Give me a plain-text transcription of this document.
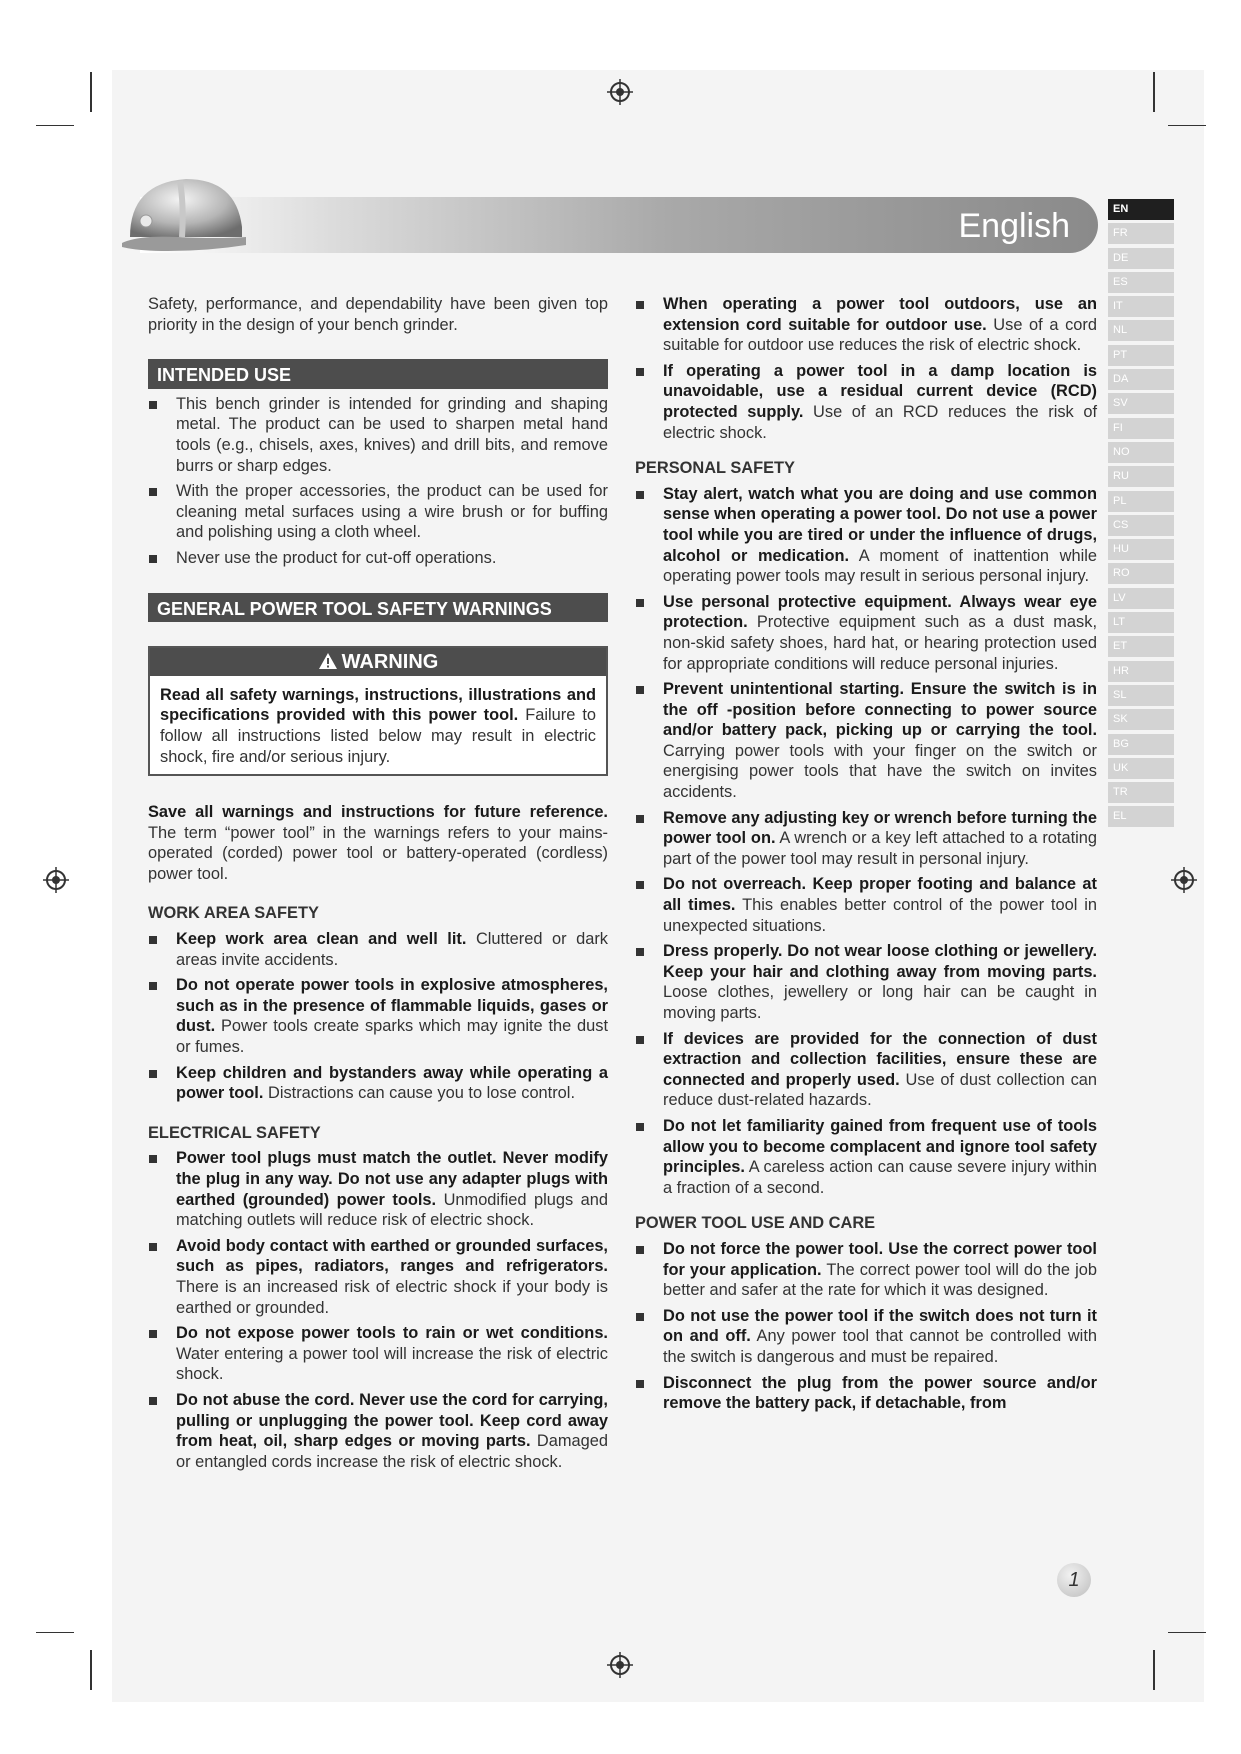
English	EN
FR
DE
ES
IT
NL
PT
DA
SV
FI
NO
RU
PL
CS
HU
RO
LV
LT
ET
HR
SL
SK
BG
UK
TR
EL

Safety, performance, and dependability have been given top priority in the design of your bench grinder.

INTENDED USE
This bench grinder is intended for grinding and shaping metal. The product can be used to sharpen metal hand tools (e.g., chisels, axes, knives) and drill bits, and remove burrs or sharp edges.
With the proper accessories, the product can be used for cleaning metal surfaces using a wire brush or for buffing and polishing using a cloth wheel.
Never use the product for cut-off operations.
GENERAL POWER TOOL SAFETY WARNINGS
WARNING
Read all safety warnings, instructions, illustrations and specifications provided with this power tool. Failure to follow all instructions listed below may result in electric shock, fire and/or serious injury.

Save all warnings and instructions for future reference. The term “power tool” in the warnings refers to your mains-operated (corded) power tool or battery-operated (cordless) power tool.

WORK AREA SAFETY
Keep work area clean and well lit. Cluttered or dark areas invite accidents.
Do not operate power tools in explosive atmospheres, such as in the presence of flammable liquids, gases or dust. Power tools create sparks which may ignite the dust or fumes.
Keep children and bystanders away while operating a power tool. Distractions can cause you to lose control.
ELECTRICAL SAFETY
Power tool plugs must match the outlet. Never modify the plug in any way. Do not use any adapter plugs with earthed (grounded) power tools. Unmodified plugs and matching outlets will reduce risk of electric shock.
Avoid body contact with earthed or grounded surfaces, such as pipes, radiators, ranges and refrigerators. There is an increased risk of electric shock if your body is earthed or grounded.
Do not expose power tools to rain or wet conditions. Water entering a power tool will increase the risk of electric shock.
Do not abuse the cord. Never use the cord for carrying, pulling or unplugging the power tool. Keep cord away from heat, oil, sharp edges or moving parts. Damaged or entangled cords increase the risk of electric shock.
When operating a power tool outdoors, use an extension cord suitable for outdoor use. Use of a cord suitable for outdoor use reduces the risk of electric shock.
If operating a power tool in a damp location is unavoidable, use a residual current device (RCD) protected supply. Use of an RCD reduces the risk of electric shock.
PERSONAL SAFETY
Stay alert, watch what you are doing and use common sense when operating a power tool. Do not use a power tool while you are tired or under the influence of drugs, alcohol or medication. A moment of inattention while operating power tools may result in serious personal injury.
Use personal protective equipment. Always wear eye protection. Protective equipment such as a dust mask, non-skid safety shoes, hard hat, or hearing protection used for appropriate conditions will reduce personal injuries.
Prevent unintentional starting. Ensure the switch is in the off -position before connecting to power source and/or battery pack, picking up or carrying the tool. Carrying power tools with your finger on the switch or energising power tools that have the switch on invites accidents.
Remove any adjusting key or wrench before turning the power tool on. A wrench or a key left attached to a rotating part of the power tool may result in personal injury.
Do not overreach. Keep proper footing and balance at all times. This enables better control of the power tool in unexpected situations.
Dress properly. Do not wear loose clothing or jewellery. Keep your hair and clothing away from moving parts. Loose clothes, jewellery or long hair can be caught in moving parts.
If devices are provided for the connection of dust extraction and collection facilities, ensure these are connected and properly used. Use of dust collection can reduce dust-related hazards.
Do not let familiarity gained from frequent use of tools allow you to become complacent and ignore tool safety principles. A careless action can cause severe injury within a fraction of a second.
POWER TOOL USE AND CARE
Do not force the power tool. Use the correct power tool for your application. The correct power tool will do the job better and safer at the rate for which it was designed.
Do not use the power tool if the switch does not turn it on and off. Any power tool that cannot be controlled with the switch is dangerous and must be repaired.
Disconnect the plug from the power source and/or remove the battery pack, if detachable, from
1
